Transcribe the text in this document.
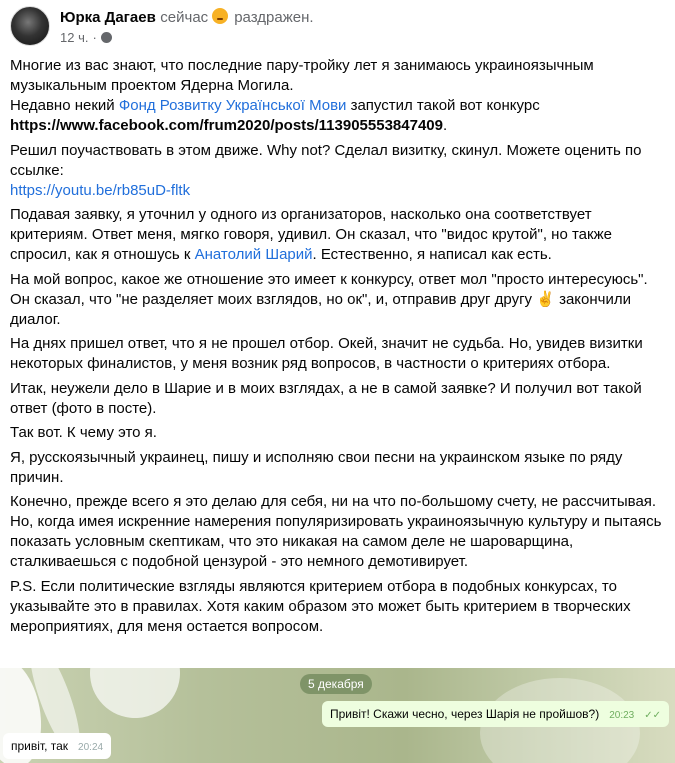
Юрка Дагаев сейчас раздражен.
12 ч. ·

Многие из вас знают, что последние пару-тройку лет я занимаюсь украиноязычным музыкальным проектом Ядерна Могила.
Недавно некий Фонд Розвитку Української Мови запустил такой вот конкурс
https://www.facebook.com/frum2020/posts/113905553847409.

Решил поучаствовать в этом движе. Why not? Сделал визитку, скинул. Можете оценить по ссылке:
https://youtu.be/rb85uD-fltk

Подавая заявку, я уточнил у одного из организаторов, насколько она соответствует критериям. Ответ меня, мягко говоря, удивил. Он сказал, что "видос крутой", но также спросил, как я отношусь к Анатолий Шарий. Естественно, я написал как есть.

На мой вопрос, какое же отношение это имеет к конкурсу, ответ мол "просто интересуюсь". Он сказал, что "не разделяет моих взглядов, но ок", и, отправив друг другу ✌️ закончили диалог.

На днях пришел ответ, что я не прошел отбор. Окей, значит не судьба. Но, увидев визитки некоторых финалистов, у меня возник ряд вопросов, в частности о критериях отбора.

Итак, неужели дело в Шарие и в моих взглядах, а не в самой заявке? И получил вот такой ответ (фото в посте).

Так вот. К чему это я.

Я, русскоязычный украинец, пишу и исполняю свои песни на украинском языке по ряду причин.

Конечно, прежде всего я это делаю для себя, ни на что по-большому счету, не рассчитывая. Но, когда имея искренние намерения популяризировать украиноязычную культуру и пытаясь показать условным скептикам, что это никакая на самом деле не шароварщина, сталкиваешься с подобной цензурой - это немного демотивирует.

P.S. Если политические взгляды являются критерием отбора в подобных конкурсах, то указывайте это в правилах. Хотя каким образом это может быть критерием в творческих мероприятиях, для меня остается вопросом.

5 декабря
Привіт! Скажи чесно, через Шарія не пройшов?) 20:23 ✓✓
привіт, так 20:24
